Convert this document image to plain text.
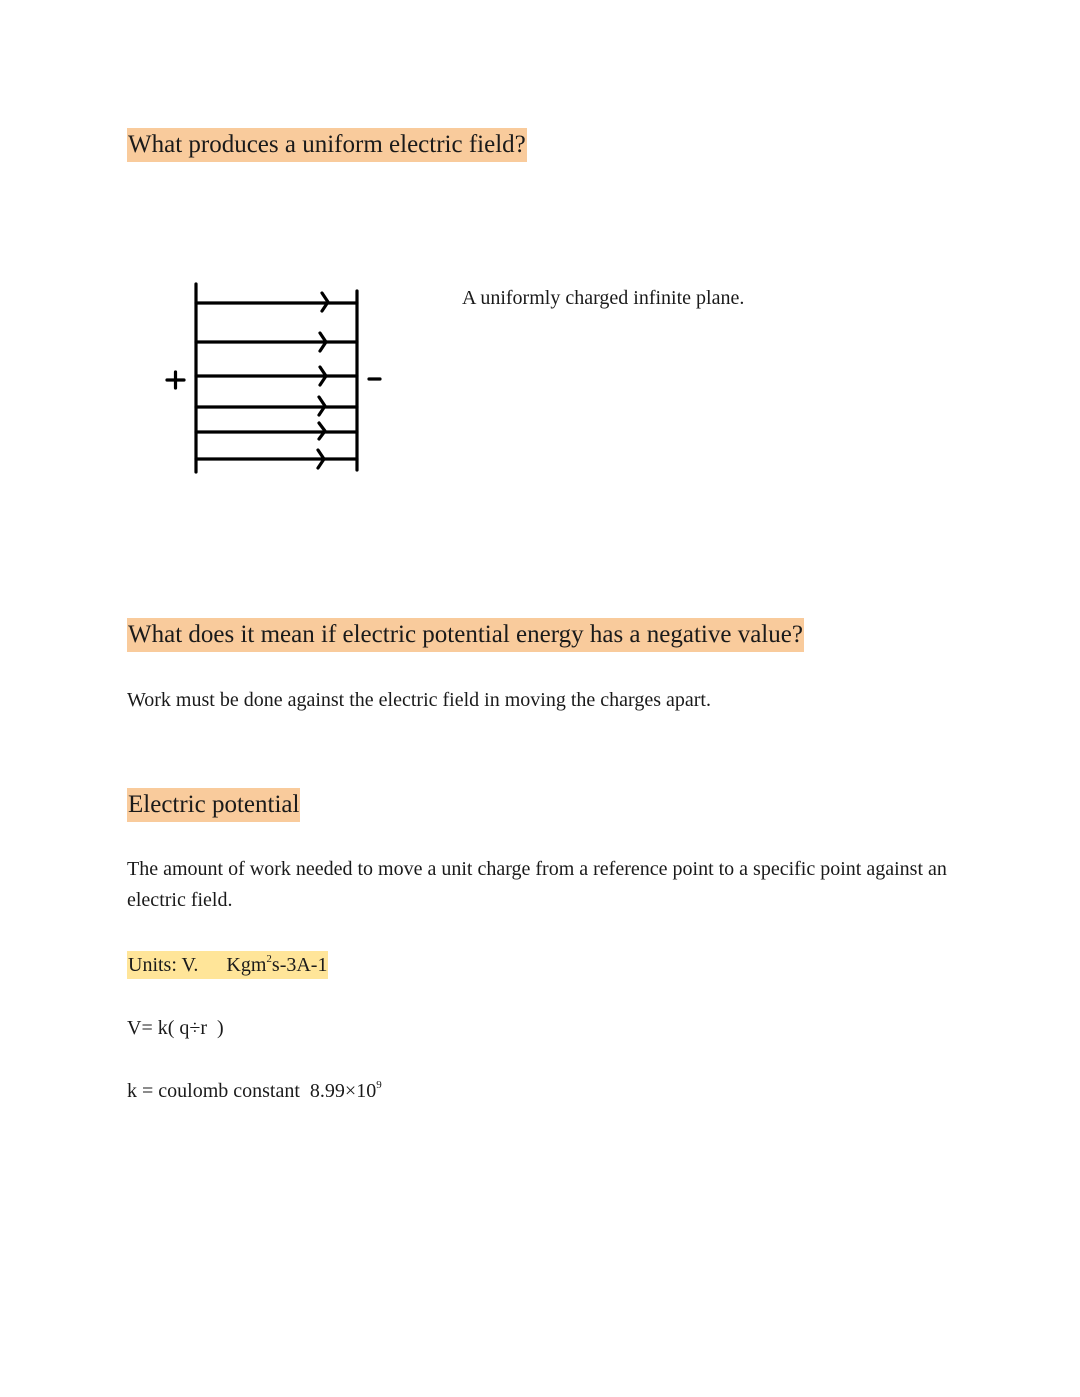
What produces a uniform electric field?
A uniformly charged infinite plane.
What does it mean if electric potential energy has a negative value?
Work must be done against the electric field in moving the charges apart.
Electric potential
The amount of work needed to move a unit charge from a reference point to a specific point against an electric field.
Units: V. Kgm$^2$s-3A-1
V= k( q÷r  )
k = coulomb constant  $8.99\times 10^9$
